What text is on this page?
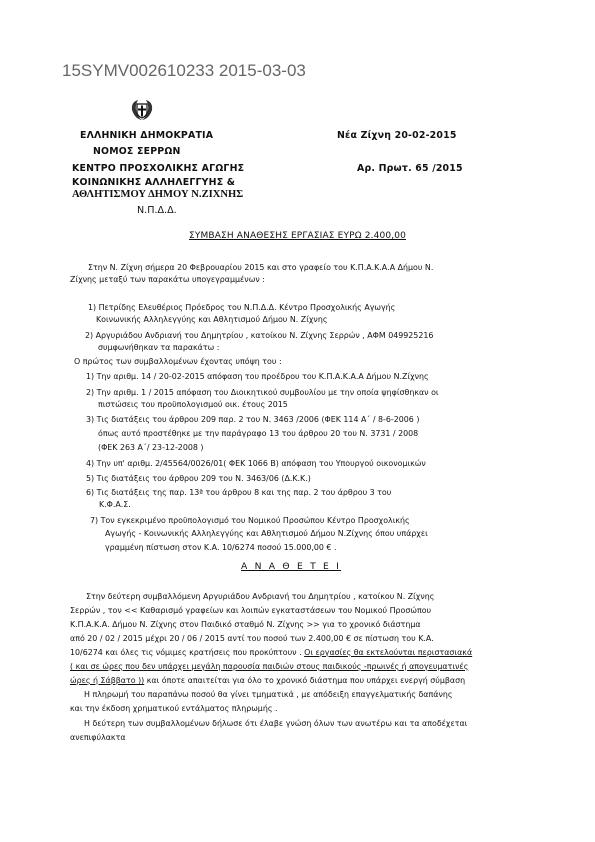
15SYMV002610233 2015-03-03
ΕΛΛΗΝΙΚΗ ΔΗΜΟΚΡΑΤΙΑ
ΝΟΜΟΣ ΣΕΡΡΩΝ
ΚΕΝΤΡΟ ΠΡΟΣΧΟΛΙΚΗΣ ΑΓΩΓΗΣ
ΚΟΙΝΩΝΙΚΗΣ ΑΛΛΗΛΕΓΓΥΗΣ &
ΑΘΛΗΤΙΣΜΟΥ ΔΗΜΟΥ Ν.ΖΙΧΝΗΣ
Ν.Π.Δ.Δ.
Νέα Ζίχνη 20-02-2015
Αρ. Πρωτ. 65 /2015
ΣΥΜΒΑΣΗ ΑΝΑΘΕΣΗΣ ΕΡΓΑΣΙΑΣ ΕΥΡΩ 2.400,00
Στην Ν. Ζίχνη σήμερα 20 Φεβρουαρίου 2015 και στο γραφείο του Κ.Π.Α.Κ.Α.Α Δήμου Ν.
Ζίχνης μεταξύ των παρακάτω υπογεγραμμένων :
1) Πετρίδης Ελευθέριος Πρόεδρος του Ν.Π.Δ.Δ. Κέντρο Προσχολικής Αγωγής
Κοινωνικής Αλληλεγγύης και Αθλητισμού Δήμου Ν. Ζίχνης
2) Αργυριάδου Ανδριανή του Δημητρίου , κατοίκου Ν. Ζίχνης Σερρών , ΑΦΜ 049925216
συμφωνήθηκαν τα παρακάτω :
Ο πρώτος των συμβαλλομένων έχοντας υπόψη του :
1) Την αριθμ. 14 / 20-02-2015 απόφαση του προέδρου του Κ.Π.Α.Κ.Α.Α Δήμου Ν.Ζίχνης
2) Την αριθμ. 1 / 2015 απόφαση του Διοικητικού συμβουλίου με την οποία ψηφίσθηκαν οι
πιστώσεις του προϋπολογισμού οικ. έτους 2015
3) Τις διατάξεις του άρθρου 209 παρ. 2 του Ν. 3463 /2006 (ΦΕΚ 114 Α΄ / 8-6-2006 )
όπως αυτό προστέθηκε με την παράγραφο 13 του άρθρου 20 του Ν. 3731 / 2008
(ΦΕΚ 263 Α΄/ 23-12-2008 )
4) Την υπ' αριθμ. 2/45564/0026/01( ΦΕΚ 1066 Β) απόφαση του Υπουργού οικονομικών
5) Τις διατάξεις του άρθρου 209 του Ν. 3463/06 (Δ.Κ.Κ.)
6) Τις διατάξεις της παρ. 13ª του άρθρου 8 και της παρ. 2 του άρθρου 3 του
Κ.Φ.Α.Σ.
7) Τον εγκεκριμένο προϋπολογισμό του Νομικού Προσώπου Κέντρο Προσχολικής
Αγωγής - Κοινωνικής Αλληλεγγύης και Αθλητισμού Δήμου Ν.Ζίχνης όπου υπάρχει
γραμμένη πίστωση στον Κ.Α. 10/6274 ποσού 15.000,00 € .
Α Ν Α Θ Ε Τ Ε Ι
Στην δεύτερη συμβαλλόμενη Αργυριάδου Ανδριανή του Δημητρίου , κατοίκου Ν. Ζίχνης
Σερρών , τον << Καθαρισμό γραφείων και λοιπών εγκαταστάσεων του Νομικού Προσώπου
Κ.Π.Α.Κ.Α. Δήμου Ν. Ζίχνης στον Παιδικό σταθμό Ν. Ζίχνης >> για το χρονικό διάστημα
από 20 / 02 / 2015 μέχρι 20 / 06 / 2015 αντί του ποσού των 2.400,00 € σε πίστωση του Κ.Α.
10/6274 και όλες τις νόμιμες κρατήσεις που προκύπτουν . Οι εργασίες θα εκτελούνται περιστασιακά
( και σε ώρες που δεν υπάρχει μεγάλη παρουσία παιδιών στους παιδικούς -πρωινές ή απογευματινές
ώρες ή Σάββατο )) και όποτε απαιτείται για όλο το χρονικό διάστημα που υπάρχει ενεργή σύμβαση
Η πληρωμή του παραπάνω ποσού θα γίνει τμηματικά , με απόδειξη επαγγελματικής δαπάνης
και την έκδοση χρηματικού εντάλματος πληρωμής .
Η δεύτερη των συμβαλλομένων δήλωσε ότι έλαβε γνώση όλων των ανωτέρω και τα αποδέχεται
ανεπιφύλακτα
